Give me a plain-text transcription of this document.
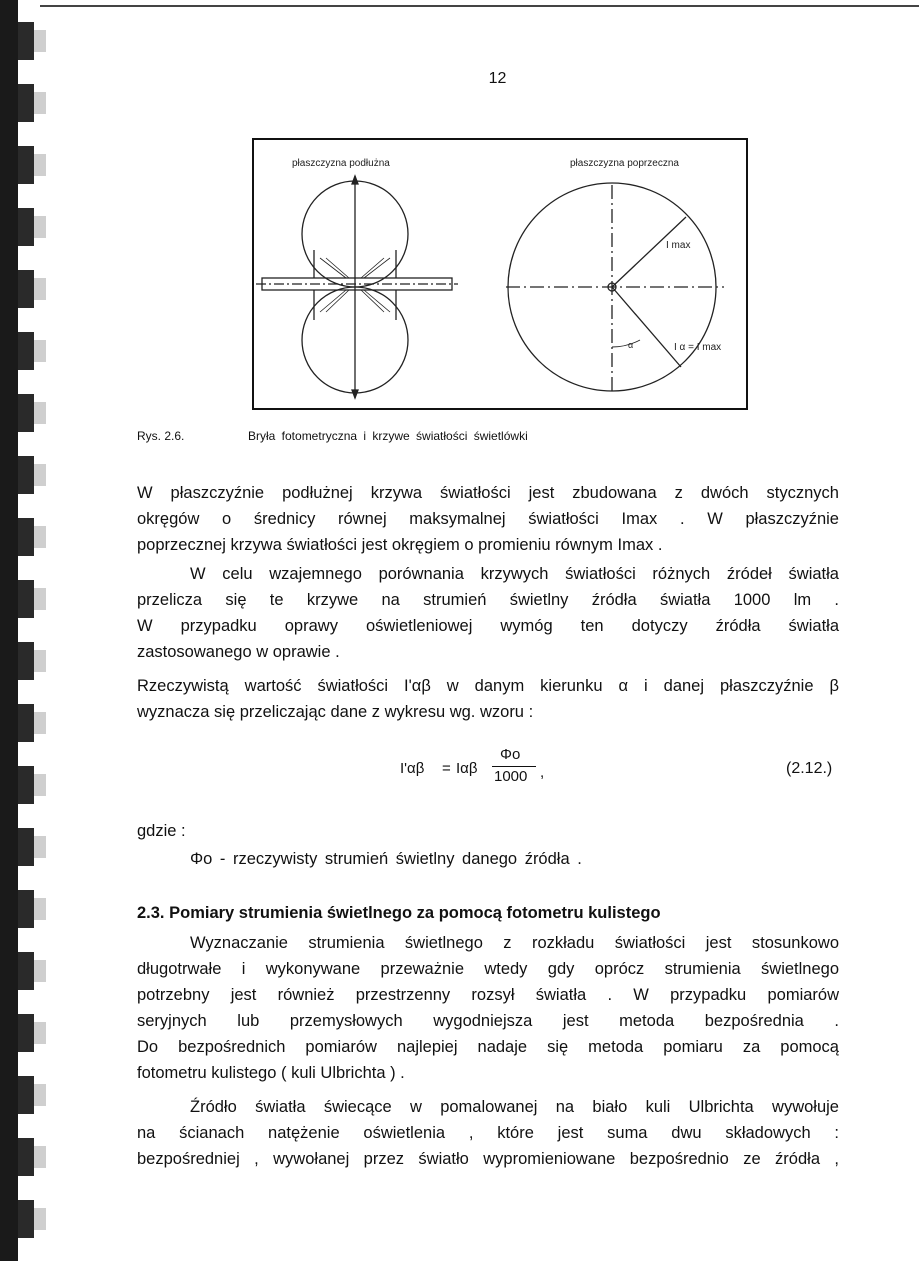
12
płaszczyzna podłużna	płaszczyzna poprzeczna
I max
α	I α = I max
Rys. 2.6.	Bryła fotometryczna i krzywe światłości świetlówki
W płaszczyźnie podłużnej krzywa światłości jest zbudowana z dwóch stycznych
okręgów o średnicy równej maksymalnej światłości Imax . W płaszczyźnie
poprzecznej krzywa światłości jest okręgiem o promieniu równym Imax .
W celu wzajemnego porównania krzywych światłości różnych źródeł światła
przelicza się te krzywe na strumień świetlny źródła światła 1000 lm .
W przypadku oprawy oświetleniowej wymóg ten dotyczy źródła światła
zastosowanego w oprawie .
Rzeczywistą wartość światłości I'αβ w danym kierunku α i danej płaszczyźnie β
wyznacza się przeliczając dane z wykresu wg. wzoru :
I'αβ = Iαβ
Φo
1000 ,	(2.12.)
gdzie :
Φo - rzeczywisty strumień świetlny danego źródła .
2.3. Pomiary strumienia świetlnego za pomocą fotometru kulistego
Wyznaczanie strumienia świetlnego z rozkładu światłości jest stosunkowo
długotrwałe i wykonywane przeważnie wtedy gdy oprócz strumienia świetlnego
potrzebny jest również przestrzenny rozsył światła . W przypadku pomiarów
seryjnych lub przemysłowych wygodniejsza jest metoda bezpośrednia .
Do bezpośrednich pomiarów najlepiej nadaje się metoda pomiaru za pomocą
fotometru kulistego ( kuli Ulbrichta ) .
Źródło światła świecące w pomalowanej na biało kuli Ulbrichta wywołuje
na ścianach natężenie oświetlenia , które jest suma dwu składowych :
bezpośredniej , wywołanej przez światło wypromieniowane bezpośrednio ze źródła ,
